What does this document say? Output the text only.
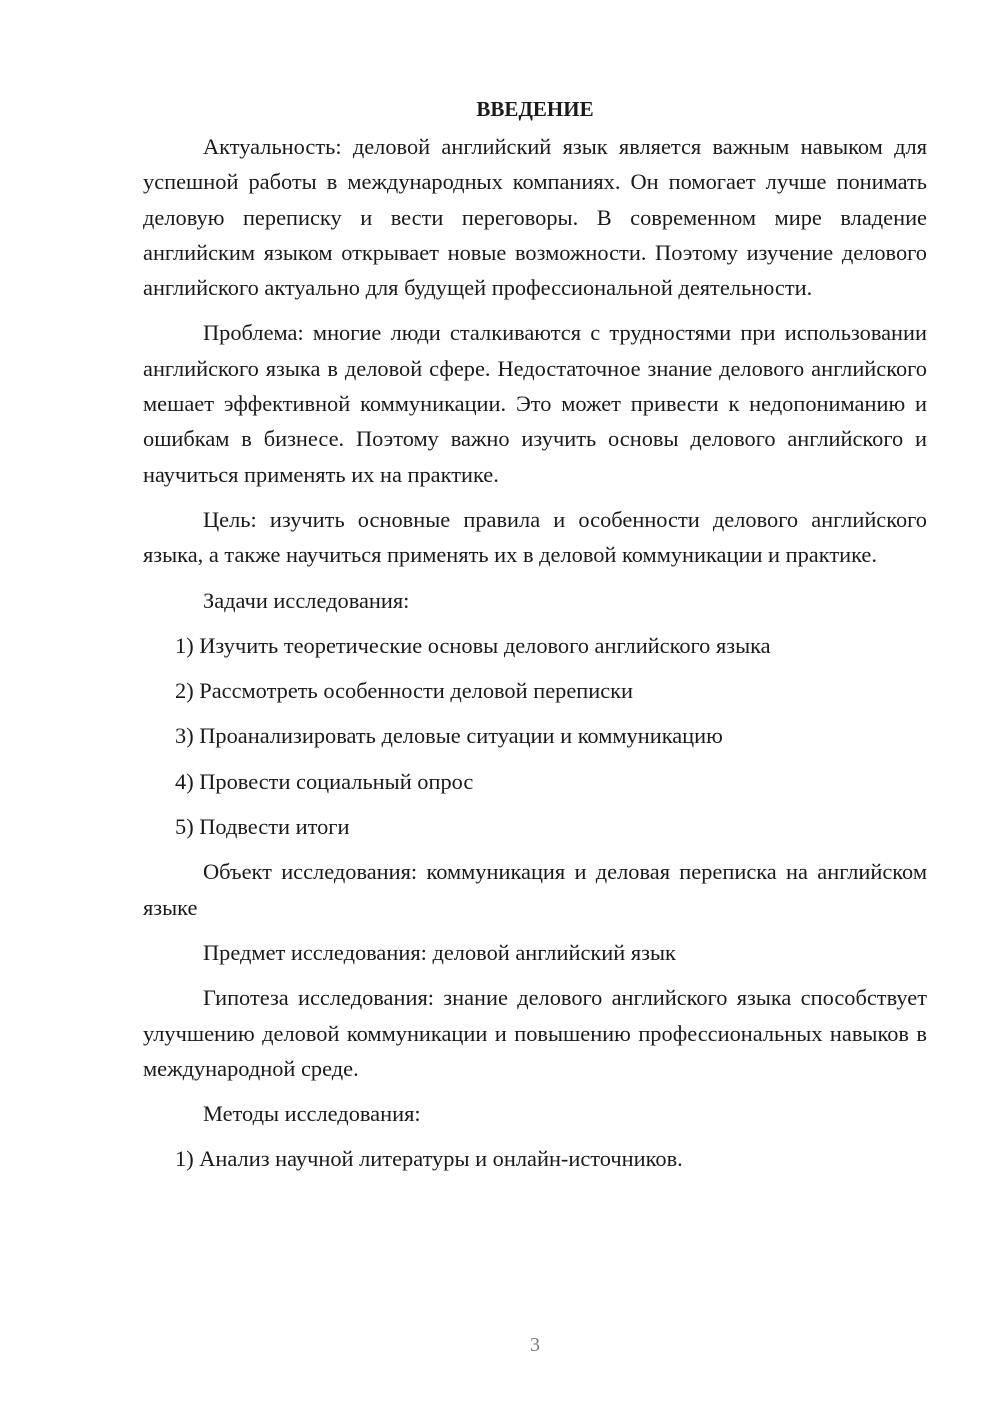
ВВЕДЕНИЕ

Актуальность: деловой английский язык является важным навыком для успешной работы в международных компаниях. Он помогает лучше понимать деловую переписку и вести переговоры. В современном мире владение английским языком открывает новые возможности. Поэтому изучение делового английского актуально для будущей профессиональной деятельности.

Проблема: многие люди сталкиваются с трудностями при использовании английского языка в деловой сфере. Недостаточное знание делового английского мешает эффективной коммуникации. Это может привести к недопониманию и ошибкам в бизнесе. Поэтому важно изучить основы делового английского и научиться применять их на практике.

Цель: изучить основные правила и особенности делового английского языка, а также научиться применять их в деловой коммуникации и практике.

Задачи исследования:

1) Изучить теоретические основы делового английского языка
2) Рассмотреть особенности деловой переписки
3) Проанализировать деловые ситуации и коммуникацию
4) Провести социальный опрос
5) Подвести итоги

Объект исследования: коммуникация и деловая переписка на английском языке

Предмет исследования: деловой английский язык

Гипотеза исследования: знание делового английского языка способствует улучшению деловой коммуникации и повышению профессиональных навыков в международной среде.

Методы исследования:

1) Анализ научной литературы и онлайн-источников.
3
